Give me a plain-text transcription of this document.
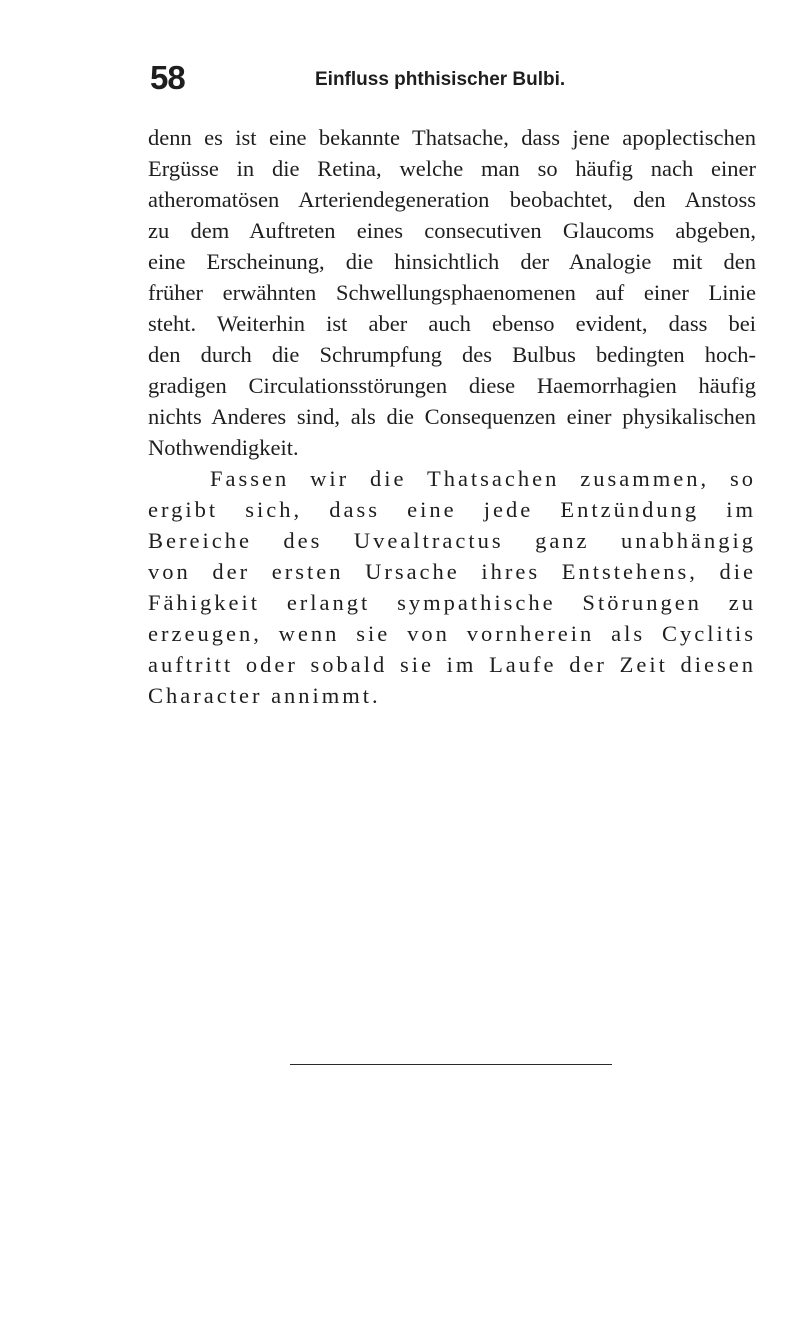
58	Einfluss phthisischer Bulbi.
denn es ist eine bekannte Thatsache, dass jene apoplectischen
Ergüsse in die Retina, welche man so häufig nach einer
atheromatösen Arteriendegeneration beobachtet, den Anstoss
zu dem Auftreten eines consecutiven Glaucoms abgeben,
eine Erscheinung, die hinsichtlich der Analogie mit den
früher erwähnten Schwellungsphaenomenen auf einer Linie
steht. Weiterhin ist aber auch ebenso evident, dass bei
den durch die Schrumpfung des Bulbus bedingten hoch-
gradigen Circulationsstörungen diese Haemorrhagien häufig
nichts Anderes sind, als die Consequenzen einer physikalischen
Nothwendigkeit.
Fassen wir die Thatsachen zusammen, so
ergibt sich, dass eine jede Entzündung im
Bereiche des Uvealtractus ganz unabhängig
von der ersten Ursache ihres Entstehens, die
Fähigkeit erlangt sympathische Störungen zu
erzeugen, wenn sie von vornherein als Cyclitis
auftritt oder sobald sie im Laufe der Zeit diesen
Character annimmt.
